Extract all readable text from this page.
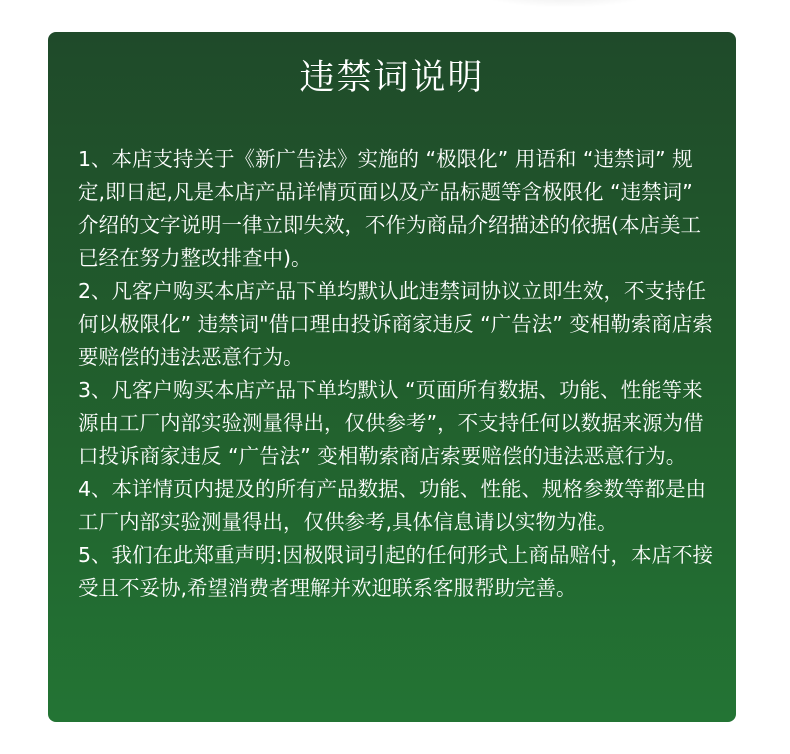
违禁词说明

1、本店支持关于《新广告法》实施的 “极限化” 用语和 “违禁词” 规定,即日起,凡是本店产品详情页面以及产品标题等含极限化 “违禁词” 介绍的文字说明一律立即失效，不作为商品介绍描述的依据(本店美工已经在努力整改排查中)。

2、凡客户购买本店产品下单均默认此违禁词协议立即生效，不支持任何以极限化” 违禁词"借口理由投诉商家违反 “广告法” 变相勒索商店索要赔偿的违法恶意行为。

3、凡客户购买本店产品下单均默认 “页面所有数据、功能、性能等来源由工厂内部实验测量得出，仅供参考”，不支持任何以数据来源为借口投诉商家违反 “广告法” 变相勒索商店索要赔偿的违法恶意行为。

4、本详情页内提及的所有产品数据、功能、性能、规格参数等都是由工厂内部实验测量得出，仅供参考,具体信息请以实物为准。

5、我们在此郑重声明:因极限词引起的任何形式上商品赔付，本店不接受且不妥协,希望消费者理解并欢迎联系客服帮助完善。
